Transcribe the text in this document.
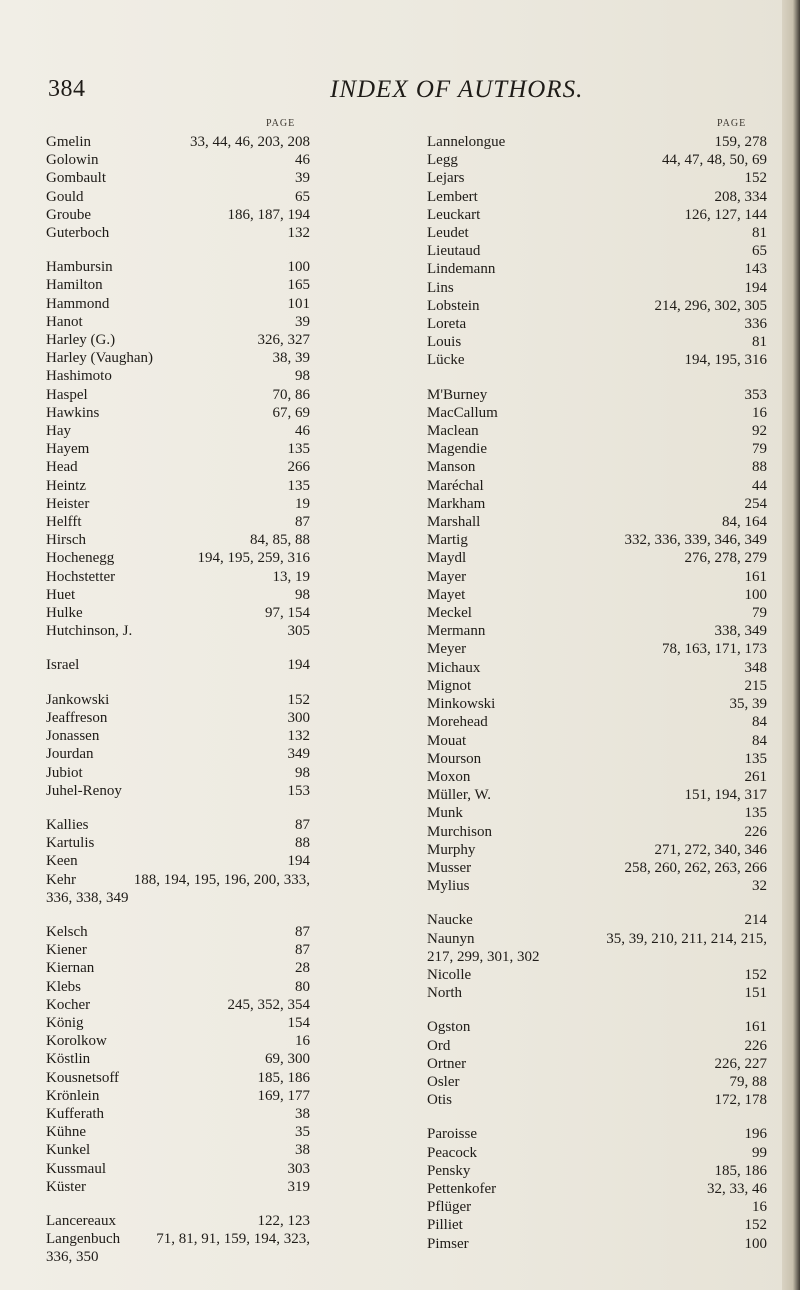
384	INDEX OF AUTHORS.
PAGE
Gmelin	33, 44, 46, 203, 208
Golowin	46
Gombault	39
Gould	65
Groube	186, 187, 194
Guterboch	132
Hambursin	100
Hamilton	165
Hammond	101
Hanot	39
Harley (G.)	326, 327
Harley (Vaughan)	38, 39
Hashimoto	98
Haspel	70, 86
Hawkins	67, 69
Hay	46
Hayem	135
Head	266
Heintz	135
Heister	19
Helfft	87
Hirsch	84, 85, 88
Hochenegg	194, 195, 259, 316
Hochstetter	13, 19
Huet	98
Hulke	97, 154
Hutchinson, J.	305
Israel	194
Jankowski	152
Jeaffreson	300
Jonassen	132
Jourdan	349
Jubiot	98
Juhel-Renoy	153
Kallies	87
Kartulis	88
Keen	194
Kehr	188, 194, 195, 196, 200, 333,
336, 338, 349
Kelsch	87
Kiener	87
Kiernan	28
Klebs	80
Kocher	245, 352, 354
König	154
Korolkow	16
Köstlin	69, 300
Kousnetsoff	185, 186
Krönlein	169, 177
Kufferath	38
Kühne	35
Kunkel	38
Kussmaul	303
Küster	319
Lancereaux	122, 123
Langenbuch 71, 81, 91, 159, 194, 323,
336, 350
PAGE
Lannelongue	159, 278
Legg	44, 47, 48, 50, 69
Lejars	152
Lembert	208, 334
Leuckart	126, 127, 144
Leudet	81
Lieutaud	65
Lindemann	143
Lins	194
Lobstein	214, 296, 302, 305
Loreta	336
Louis	81
Lücke	194, 195, 316
M'Burney	353
MacCallum	16
Maclean	92
Magendie	79
Manson	88
Maréchal	44
Markham	254
Marshall	84, 164
Martig	332, 336, 339, 346, 349
Maydl	276, 278, 279
Mayer	161
Mayet	100
Meckel	79
Mermann	338, 349
Meyer	78, 163, 171, 173
Michaux	348
Mignot	215
Minkowski	35, 39
Morehead	84
Mouat	84
Mourson	135
Moxon	261
Müller, W.	151, 194, 317
Munk	135
Murchison	226
Murphy	271, 272, 340, 346
Musser	258, 260, 262, 263, 266
Mylius	32
Naucke	214
Naunyn	35, 39, 210, 211, 214, 215,
217, 299, 301, 302
Nicolle	152
North	151
Ogston	161
Ord	226
Ortner	226, 227
Osler	79, 88
Otis	172, 178
Paroisse	196
Peacock	99
Pensky	185, 186
Pettenkofer	32, 33, 46
Pflüger	16
Pilliet	152
Pimser	100
